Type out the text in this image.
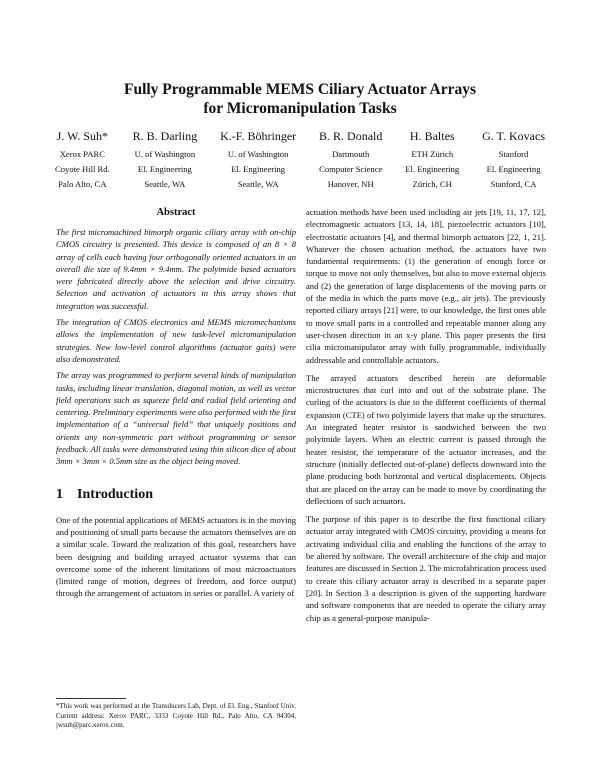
Fully Programmable MEMS Ciliary Actuator Arrays
for Micromanipulation Tasks
J. W. Suh*
Xerox PARC
Coyote Hill Rd.
Palo Alto, CA
R. B. Darling
U. of Washington
El. Engineering
Seattle, WA
K.-F. Böhringer
U. of Washington
El. Engineering
Seattle, WA
B. R. Donald
Dartmouth
Computer Science
Hanover, NH
H. Baltes
ETH Zürich
El. Engineering
Zürich, CH
G. T. Kovacs
Stanford
El. Engineering
Stanford, CA
Abstract

The first micromachined bimorph organic ciliary array with on-chip CMOS circuitry is presented. This device is composed of an 8 × 8 array of cells each having four orthogonally oriented actuators in an overall die size of 9.4mm × 9.4mm. The polyimide based actuators were fabricated directly above the selection and drive circuitry. Selection and activation of actuators in this array shows that integration was successful.

The integration of CMOS electronics and MEMS micromechanisms allows the implementation of new task-level micromanipulation strategies. New low-level control algorithms (actuator gaits) were also demonstrated.

The array was programmed to perform several kinds of manipulation tasks, including linear translation, diagonal motion, as well as vector field operations such as squeeze field and radial field orienting and centering. Preliminary experiments were also performed with the first implementation of a “universal field” that uniquely positions and orients any non-symmetric part without programming or sensor feedback. All tasks were demonstrated using thin silicon dice of about 3mm × 3mm × 0.5mm size as the object being moved.

1 Introduction

One of the potential applications of MEMS actuators is in the moving and positioning of small parts because the actuators themselves are on a similar scale. Toward the realization of this goal, researchers have been designing and building arrayed actuator systems that can overcome some of the inherent limitations of most microactuators (limited range of motion, degrees of freedom, and force output) through the arrangement of actuators in series or parallel. A variety of

actuation methods have been used including air jets [19, 11, 17, 12], electromagnetic actuators [13, 14, 18], piezoelectric actuators [10], electrostatic actuators [4], and thermal bimorph actuators [22, 1, 21]. Whatever the chosen actuation method, the actuators have two fundamental requirements: (1) the generation of enough force or torque to move not only themselves, but also to move external objects and (2) the generation of large displacements of the moving parts or of the media in which the parts move (e.g., air jets). The previously reported ciliary arrays [21] were, to our knowledge, the first ones able to move small parts in a controlled and repeatable manner along any user-chosen direction in an x-y plane. This paper presents the first cilia micromanipulator array with fully programmable, individually addressable and controllable actuators.

The arrayed actuators described herein are deformable microstructures that curl into and out of the substrate plane. The curling of the actuators is due to the different coefficients of thermal expansion (CTE) of two polyimide layers that make up the structures. An integrated heater resistor is sandwiched between the two polyimide layers. When an electric current is passed through the heater resistor, the temperature of the actuator increases, and the structure (initially deflected out-of-plane) deflects downward into the plane producing both horizontal and vertical displacements. Objects that are placed on the array can be made to move by coordinating the deflections of such actuators.

The purpose of this paper is to describe the first functional ciliary actuator array integrated with CMOS circuitry, providing a means for activating individual cilia and enabling the functions of the array to be altered by software. The overall architecture of the chip and major features are discussed in Section 2. The microfabrication process used to create this ciliary actuator array is described in a separate paper [20]. In Section 3 a description is given of the supporting hardware and software components that are needed to operate the ciliary array chip as a general-purpose manipula-

*This work was performed at the Transducers Lab, Dept. of El. Eng., Stanford Univ. Current address: Xerox PARC, 3333 Coyote Hill Rd., Palo Alto, CA 94304, jwsuh@parc.xerox.com.
